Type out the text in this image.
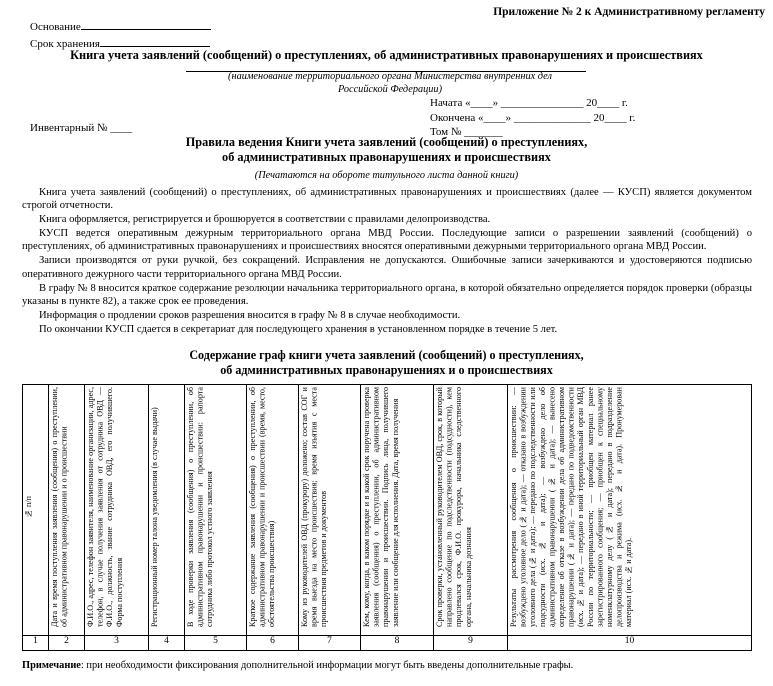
Приложение № 2 к Административному регламенту
Основание
Срок хранения
Книга учета заявлений (сообщений) о преступлениях, об административных правонарушениях и происшествиях
(наименование территориального органа Министерства внутренних дел
Российской Федерации)
Начата «____» _______________ 20____ г.
Окончена «____» ______________ 20____ г.
Том № _______
Инвентарный № ____
Правила ведения Книги учета заявлений (сообщений) о преступлениях,
об административных правонарушениях и происшествиях
(Печатаются на обороте титульного листа данной книги)

Книга учета заявлений (сообщений) о преступлениях, об административных правонарушениях и происшествиях (далее — КУСП) является документом строгой отчетности.

Книга оформляется, регистрируется и брошюруется в соответствии с правилами делопроизводства.

КУСП ведется оперативным дежурным территориального органа МВД России. Последующие записи о разрешении заявлений (сообщений) о преступлениях, об административных правонарушениях и происшествиях вносятся оперативными дежурными территориального органа МВД России.

Записи производятся от руки ручкой, без сокращений. Исправления не допускаются. Ошибочные записи зачеркиваются и удостоверяются подписью оперативного дежурного части территориального органа МВД России.

В графу № 8 вносится краткое содержание резолюции начальника территориального органа, в которой обязательно определяется порядок проверки (образцы указаны в пункте 82), а также срок ее проведения.

Информация о продлении сроков разрешения вносится в графу № 8 в случае необходимости.

По окончании КУСП сдается в секретариат для последующего хранения в установленном порядке в течение 5 лет.

Содержание граф книги учета заявлений (сообщений) о преступлениях,
об административных правонарушениях и о происшествиях
№ п/п	Дата и время поступления заявления (сообщения) о преступлении, об административном правонарушении и о происшествии	Ф.И.О., адрес, телефон заявителя, наименование организации, адрес, телефон, в случае получения заявления от сотрудника ОВД — Ф.И.О., должность, звание сотрудника ОВД, его получившего. Форма поступления	Регистрационный номер талона уведомления (в случае выдачи)	В ходе проверки заявления (сообщения) о преступлении, об административном правонарушении и происшествии: рапорта сотрудника либо протокол устного заявления	Краткое содержание заявления (сообщения) о преступлении, об административном правонарушении и происшествии (время, место, обстоятельства происшествия)	Кому из руководителей ОВД (прокурору) доложено; состав СОГ и время выезда на место происшествия; время изъятия с места происшествия предметов и документов	Кем, кому, когда, в каком порядке и в какой срок поручена проверка заявления (сообщения) о преступлении, об административном правонарушении и происшествии. Подпись лица, получившего заявление или сообщение для исполнения. Дата, время получения	Срок проверки, установленный руководителем ОВД, срок, в который направлено сообщение по подследственности (подсудности), кем продлевался срок, Ф.И.О. прокурора, начальника следственного органа, начальника дознания	Результаты рассмотрения сообщения о происшествии: — возбуждено уголовное дело (№ и дата); — отказано в возбуждении уголовного дела (№ и дата); — передано по подследственности или подсудности (исх. № и дата); — возбуждено дело об административном правонарушении (№ и дата); — вынесено определение об отказе в возбуждении дела об административном правонарушении (№ и дата); — передано по подведомственности (исх. № и дата); — передано в иной территориальный орган МВД России по территориальности; — приобщен материал ранее зарегистрированного сообщения; — приобщен к специальному номенклатурному делу (№ и дата); передано в подразделение делопроизводства и режима (исх. № и дата). Пронумерован материал (исх. № и дата).

1	2	3	4	5	6	7	8	9	10
Примечание: при необходимости фиксирования дополнительной информации могут быть введены дополнительные графы.
